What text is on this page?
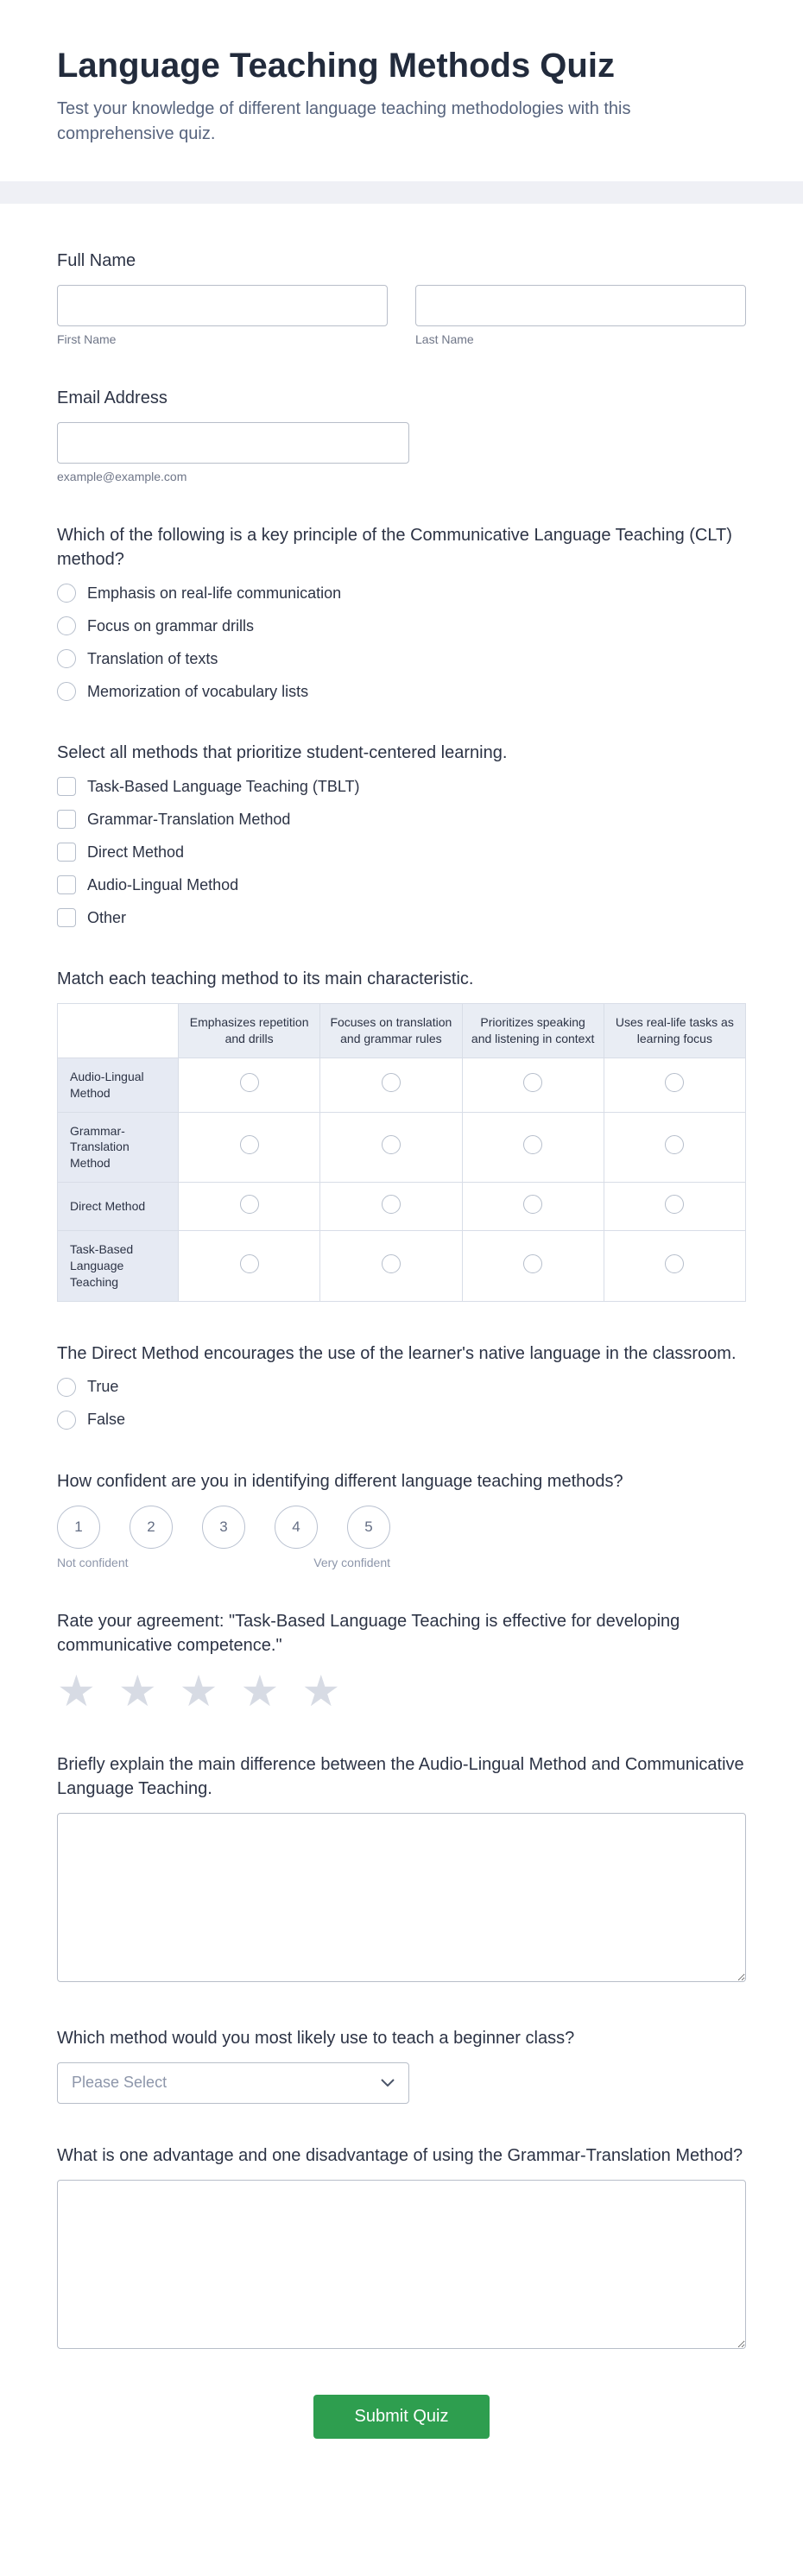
Language Teaching Methods Quiz
Test your knowledge of different language teaching methodologies with this comprehensive quiz.
Full Name
First Name	Last Name
Email Address
example@example.com
Which of the following is a key principle of the Communicative Language Teaching (CLT) method?
Emphasis on real-life communication
Focus on grammar drills
Translation of texts
Memorization of vocabulary lists
Select all methods that prioritize student-centered learning.
Task-Based Language Teaching (TBLT)
Grammar-Translation Method
Direct Method
Audio-Lingual Method
Other
Match each teaching method to its main characteristic.
	Emphasizes repetition and drills	Focuses on translation and grammar rules	Prioritizes speaking and listening in context	Uses real-life tasks as learning focus
Audio-Lingual Method				
Grammar-Translation Method				
Direct Method				
Task-Based Language Teaching				
The Direct Method encourages the use of the learner's native language in the classroom.
True
False
How confident are you in identifying different language teaching methods?
1	2	3	4	5
Not confident	Very confident
Rate your agreement: "Task-Based Language Teaching is effective for developing communicative competence."
★ ★ ★ ★ ★
Briefly explain the main difference between the Audio-Lingual Method and Communicative Language Teaching.
Which method would you most likely use to teach a beginner class?
Please Select
What is one advantage and one disadvantage of using the Grammar-Translation Method?
Submit Quiz
